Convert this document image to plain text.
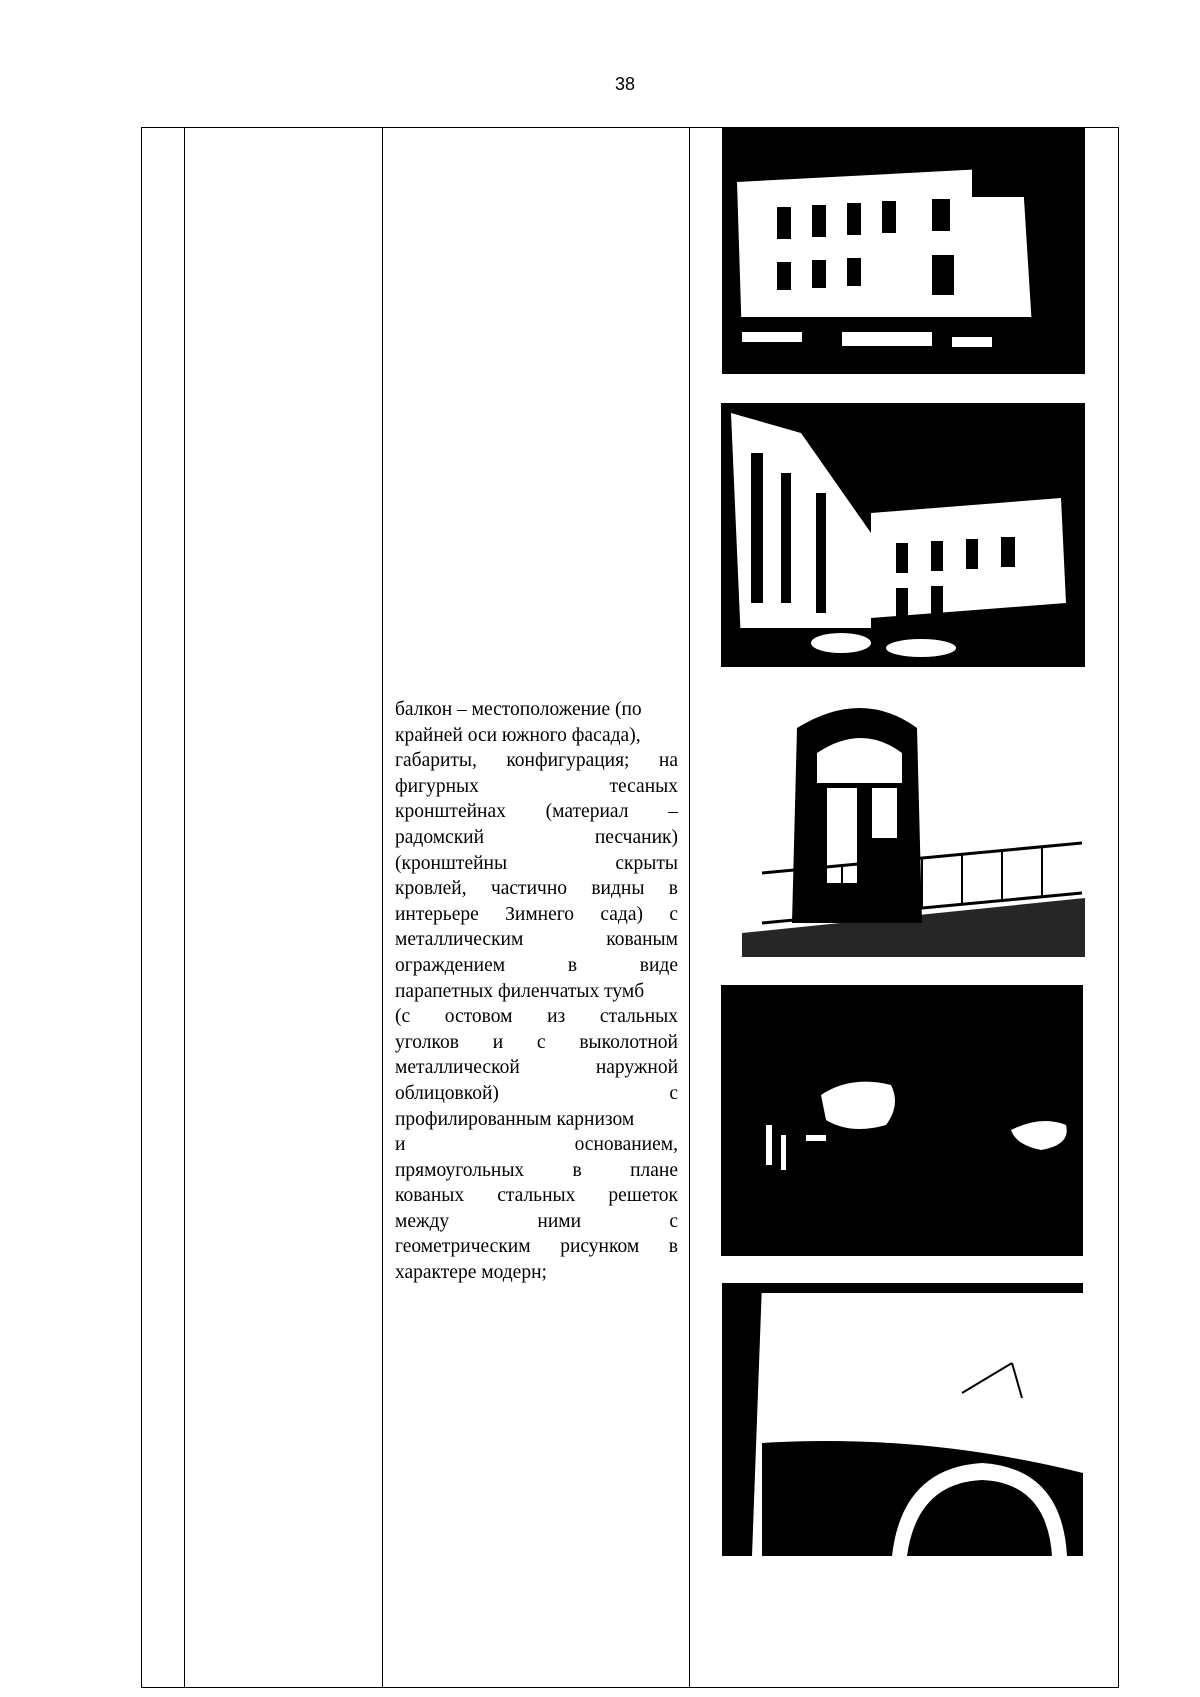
38
балкон – местоположение (по
крайней оси южного фасада),
габариты, конфигурация; на
фигурных	тесаных
кронштейнах (материал –
радомский	песчаник)
(кронштейны	скрыты
кровлей, частично видны в
интерьере Зимнего сада) с
металлическим	кованым
ограждением	в	виде
парапетных филенчатых тумб
(с остовом из стальных
уголков и с выколотной
металлической	наружной
облицовкой)	с
профилированным карнизом
и	основанием,
прямоугольных в плане
кованых стальных решеток
между	ними	с
геометрическим рисунком в
характере модерн;
